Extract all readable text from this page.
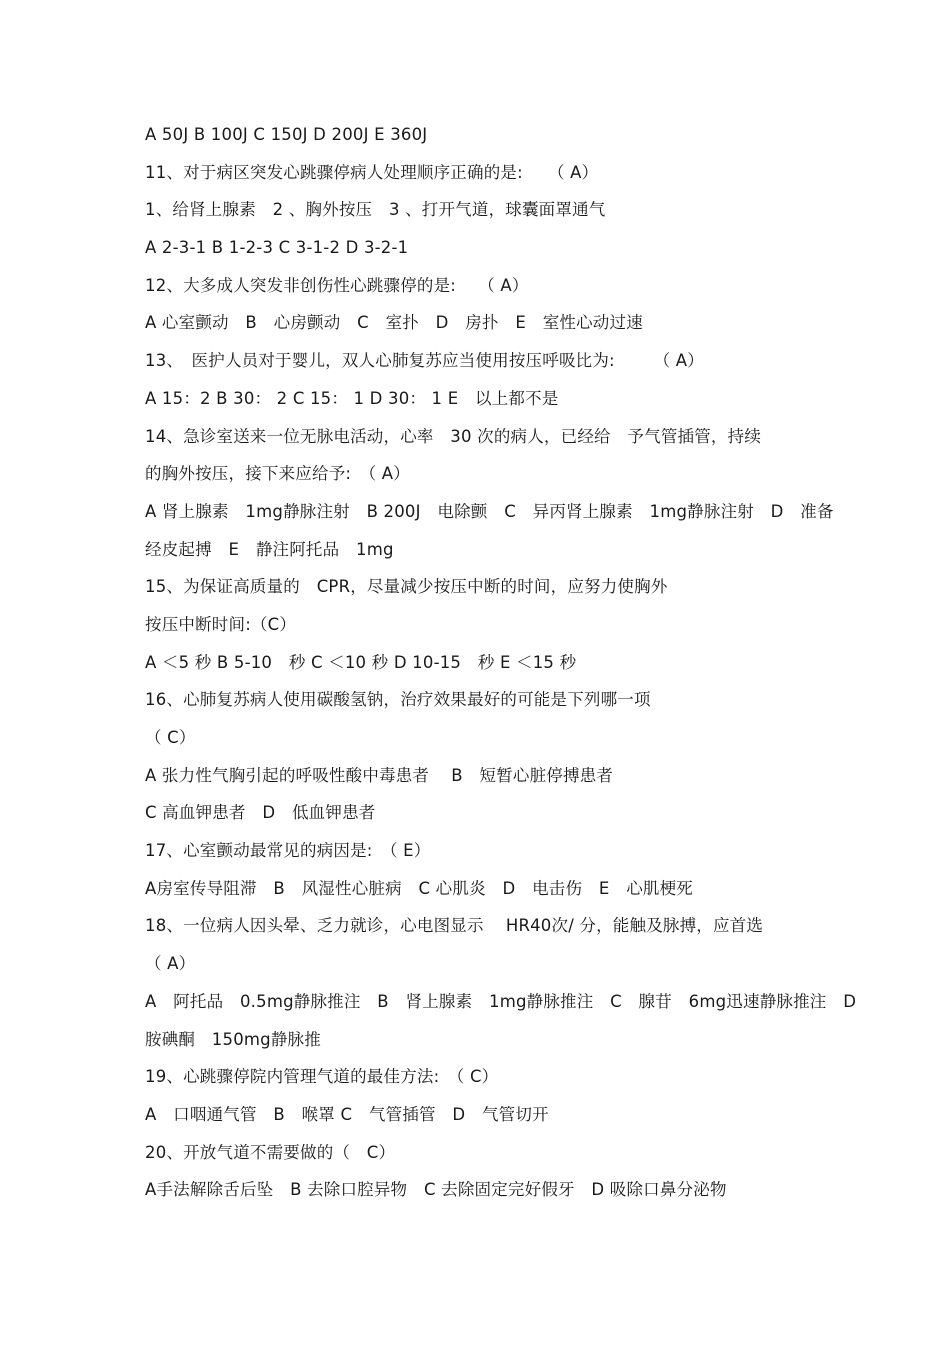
A 50J B 100J C 150J D 200J E 360J
11、对于病区突发心跳骤停病人处理顺序正确的是:　　（ A）
1、给肾上腺素　2 、胸外按压　3 、打开气道，球囊面罩通气
A 2-3-1 B 1-2-3 C 3-1-2 D 3-2-1
12、大多成人突发非创伤性心跳骤停的是:　 （ A）
A 心室颤动　B　心房颤动　C　室扑　D　房扑　E　室性心动过速
13、　医护人员对于婴儿，双人心肺复苏应当使用按压呼吸比为:　　 （ A）
A 15：2 B 30： 2 C 15： 1 D 30： 1 E　以上都不是
14、急诊室送来一位无脉电活动，心率　30 次的病人，已经给　予气管插管，持续
的胸外按压，接下来应给予:　（ A）
A 肾上腺素　1mg静脉注射　B 200J　电除颤　C　异丙肾上腺素　1mg静脉注射　D　准备
经皮起搏　E　静注阿托品　1mg
15、为保证高质量的　CPR，尽量减少按压中断的时间，应努力使胸外
按压中断时间:（C）
A ＜5 秒 B 5-10　秒 C ＜10 秒 D 10-15　秒 E ＜15 秒
16、心肺复苏病人使用碳酸氢钠，治疗效果最好的可能是下列哪一项
（ C）
A 张力性气胸引起的呼吸性酸中毒患者　 B　短暂心脏停搏患者
C 高血钾患者　D　低血钾患者
17、心室颤动最常见的病因是:　（ E）
A房室传导阻滞　B　风湿性心脏病　C 心肌炎　D　电击伤　E　心肌梗死
18、一位病人因头晕、乏力就诊，心电图显示　 HR40次/ 分，能触及脉搏，应首选
（ A）
A　阿托品　0.5mg静脉推注　B　肾上腺素　1mg静脉推注　C　腺苷　6mg迅速静脉推注　D
胺碘酮　150mg静脉推
19、心跳骤停院内管理气道的最佳方法:　（ C）
A　口咽通气管　B　喉罩 C　气管插管　D　气管切开
20、开放气道不需要做的（　C）
A手法解除舌后坠　B 去除口腔异物　C 去除固定完好假牙　D 吸除口鼻分泌物
